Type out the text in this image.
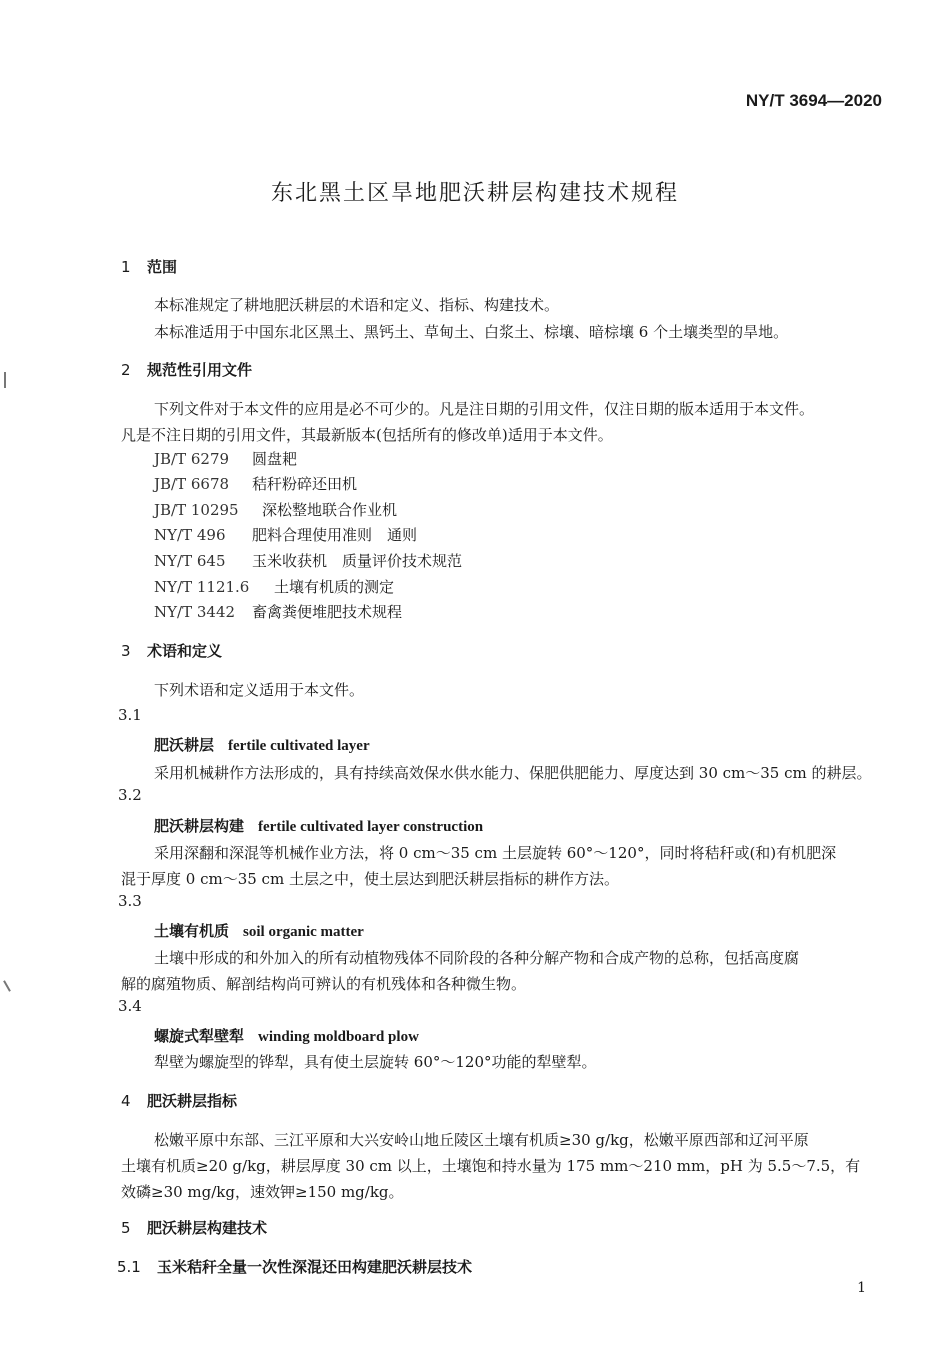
NY/T 3694—2020
东北黑土区旱地肥沃耕层构建技术规程
1 范围
本标准规定了耕地肥沃耕层的术语和定义、指标、构建技术。
本标准适用于中国东北区黑土、黑钙土、草甸土、白浆土、棕壤、暗棕壤 6 个土壤类型的旱地。
2 规范性引用文件
下列文件对于本文件的应用是必不可少的。凡是注日期的引用文件，仅注日期的版本适用于本文件。
凡是不注日期的引用文件，其最新版本(包括所有的修改单)适用于本文件。
JB/T 6279 圆盘耙
JB/T 6678 秸秆粉碎还田机
JB/T 10295 深松整地联合作业机
NY/T 496 肥料合理使用准则　通则
NY/T 645 玉米收获机　质量评价技术规范
NY/T 1121.6 土壤有机质的测定
NY/T 3442 畜禽粪便堆肥技术规程
3 术语和定义
下列术语和定义适用于本文件。
3.1
肥沃耕层 fertile cultivated layer
采用机械耕作方法形成的，具有持续高效保水供水能力、保肥供肥能力、厚度达到 30 cm～35 cm 的耕层。
3.2
肥沃耕层构建 fertile cultivated layer construction
采用深翻和深混等机械作业方法，将 0 cm～35 cm 土层旋转 60°～120°，同时将秸秆或(和)有机肥深
混于厚度 0 cm～35 cm 土层之中，使土层达到肥沃耕层指标的耕作方法。
3.3
土壤有机质 soil organic matter
土壤中形成的和外加入的所有动植物残体不同阶段的各种分解产物和合成产物的总称，包括高度腐
解的腐殖物质、解剖结构尚可辨认的有机残体和各种微生物。
3.4
螺旋式犁壁犁 winding moldboard plow
犁壁为螺旋型的铧犁，具有使土层旋转 60°～120°功能的犁壁犁。
4 肥沃耕层指标
松嫩平原中东部、三江平原和大兴安岭山地丘陵区土壤有机质≥30 g/kg，松嫩平原西部和辽河平原
土壤有机质≥20 g/kg，耕层厚度 30 cm 以上，土壤饱和持水量为 175 mm～210 mm，pH 为 5.5～7.5，有
效磷≥30 mg/kg，速效钾≥150 mg/kg。
5 肥沃耕层构建技术
5.1 玉米秸秆全量一次性深混还田构建肥沃耕层技术
1
